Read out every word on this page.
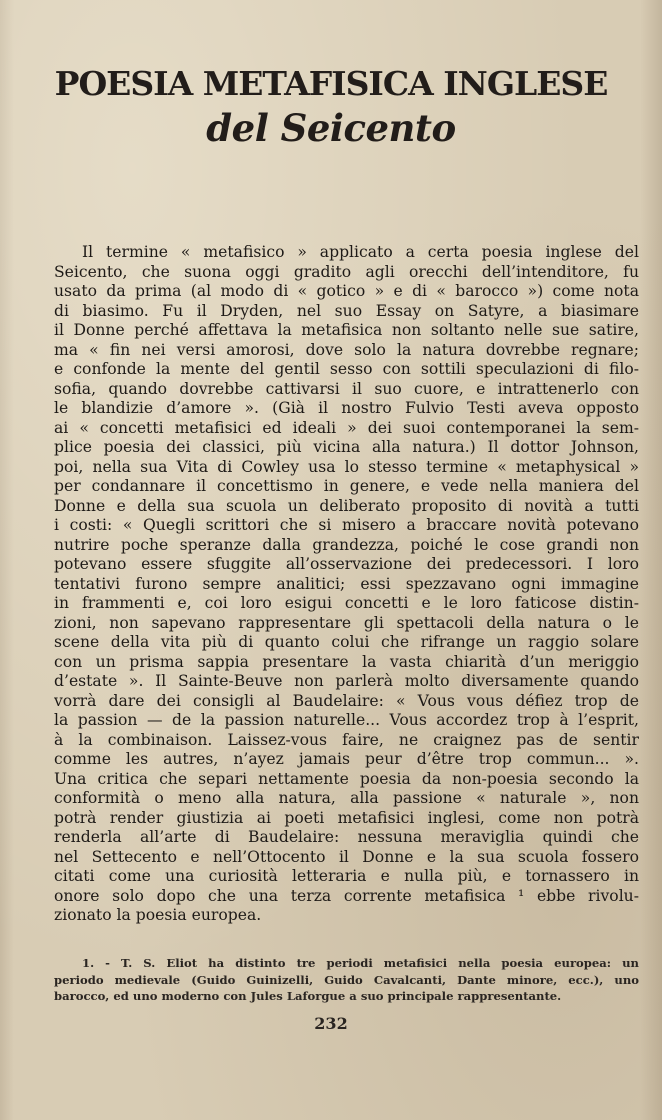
POESIA METAFISICA INGLESE
del Seicento
Il termine « metafisico » applicato a certa poesia inglese del
Seicento, che suona oggi gradito agli orecchi dell’intenditore, fu
usato da prima (al modo di « gotico » e di « barocco ») come nota
di biasimo. Fu il Dryden, nel suo Essay on Satyre, a biasimare
il Donne perché affettava la metafisica non soltanto nelle sue satire,
ma « fin nei versi amorosi, dove solo la natura dovrebbe regnare;
e confonde la mente del gentil sesso con sottili speculazioni di filo-
sofia, quando dovrebbe cattivarsi il suo cuore, e intrattenerlo con
le blandizie d’amore ». (Già il nostro Fulvio Testi aveva opposto
ai « concetti metafisici ed ideali » dei suoi contemporanei la sem-
plice poesia dei classici, più vicina alla natura.) Il dottor Johnson,
poi, nella sua Vita di Cowley usa lo stesso termine « metaphysical »
per condannare il concettismo in genere, e vede nella maniera del
Donne e della sua scuola un deliberato proposito di novità a tutti
i costi: « Quegli scrittori che si misero a braccare novità potevano
nutrire poche speranze dalla grandezza, poiché le cose grandi non
potevano essere sfuggite all’osservazione dei predecessori. I loro
tentativi furono sempre analitici; essi spezzavano ogni immagine
in frammenti e, coi loro esigui concetti e le loro faticose distin-
zioni, non sapevano rappresentare gli spettacoli della natura o le
scene della vita più di quanto colui che rifrange un raggio solare
con un prisma sappia presentare la vasta chiarità d’un meriggio
d’estate ». Il Sainte-Beuve non parlerà molto diversamente quando
vorrà dare dei consigli al Baudelaire: « Vous vous défiez trop de
la passion — de la passion naturelle... Vous accordez trop à l’esprit,
à la combinaison. Laissez-vous faire, ne craignez pas de sentir
comme les autres, n’ayez jamais peur d’être trop commun... ».
Una critica che separi nettamente poesia da non-poesia secondo la
conformità o meno alla natura, alla passione « naturale », non
potrà render giustizia ai poeti metafisici inglesi, come non potrà
renderla all’arte di Baudelaire: nessuna meraviglia quindi che
nel Settecento e nell’Ottocento il Donne e la sua scuola fossero
citati come una curiosità letteraria e nulla più, e tornassero in
onore solo dopo che una terza corrente metafisica ¹ ebbe rivolu-
zionato la poesia europea.
1. - T. S. Eliot ha distinto tre periodi metafisici nella poesia europea: un
periodo medievale (Guido Guinizelli, Guido Cavalcanti, Dante minore, ecc.), uno
barocco, ed uno moderno con Jules Laforgue a suo principale rappresentante.
232
